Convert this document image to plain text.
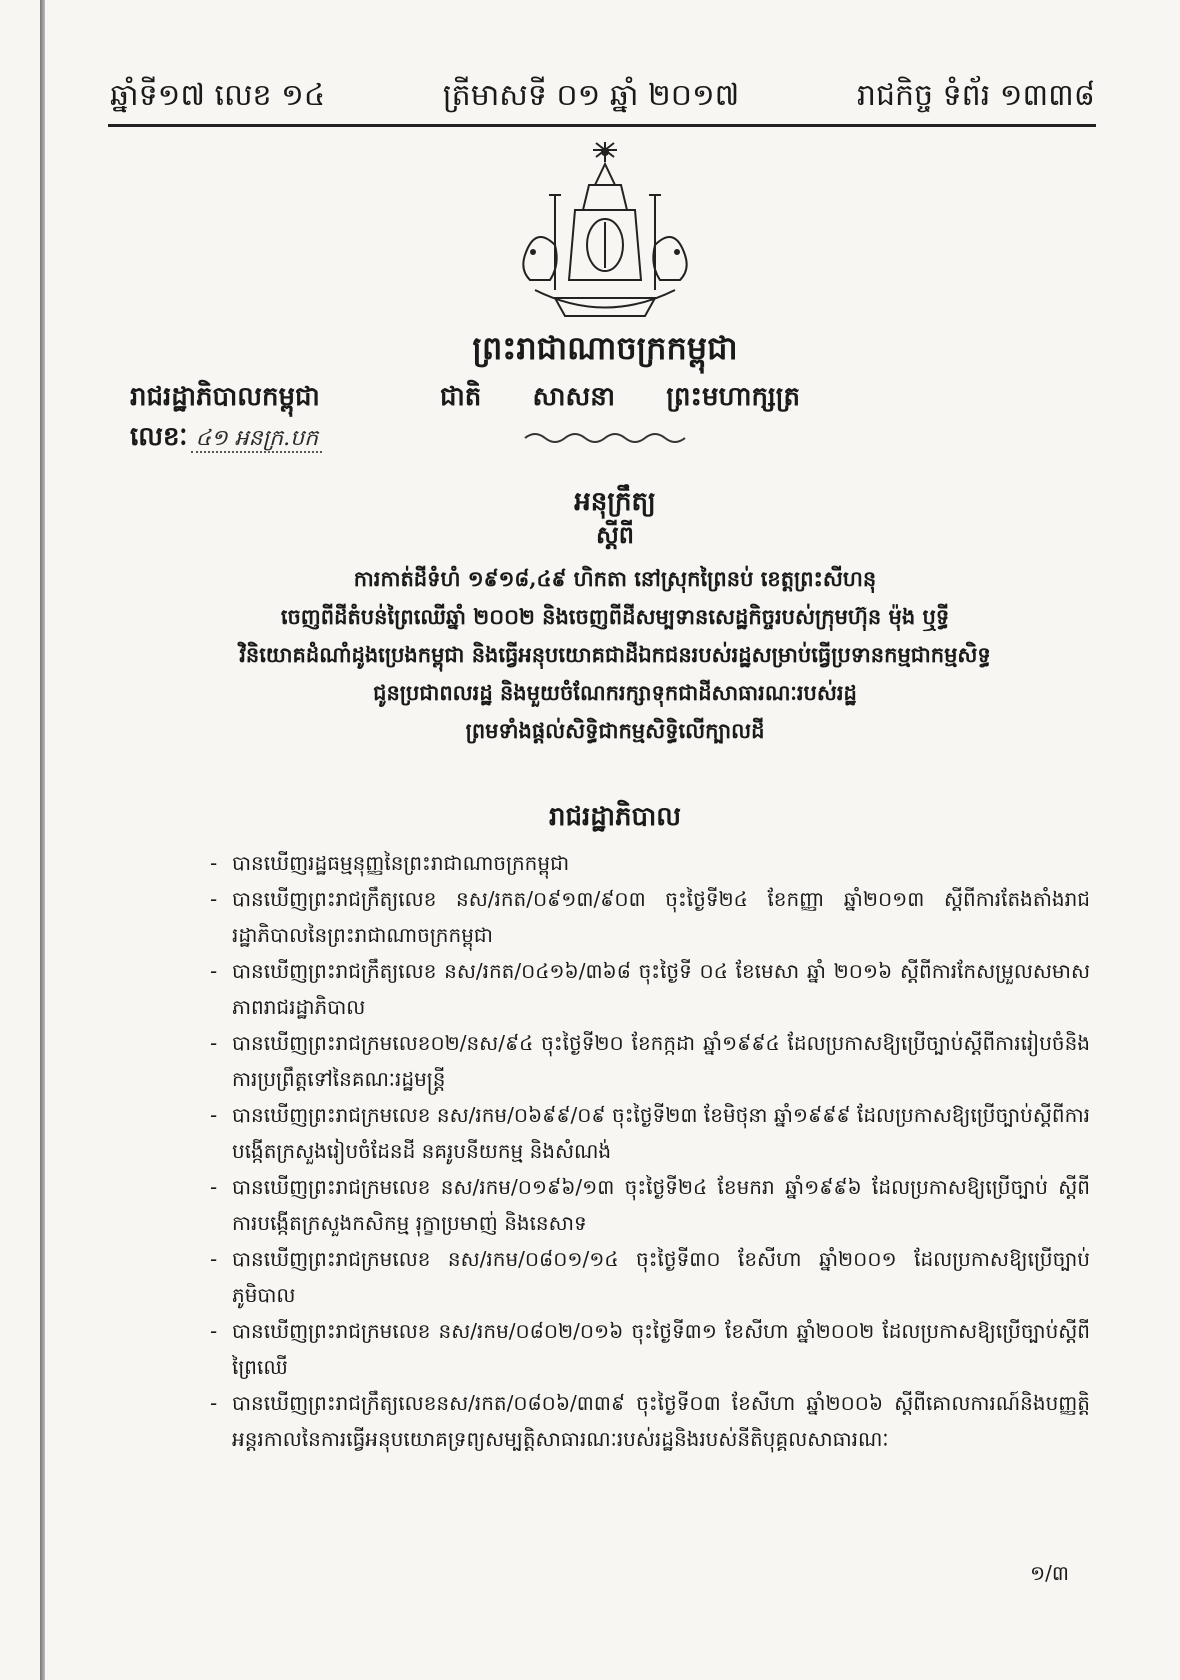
ឆ្នាំទី១៧ លេខ ១៤	ត្រីមាសទី ០១ ឆ្នាំ ២០១៧	រាជកិច្ច ទំព័រ ១៣៣៨
ព្រះរាជាណាចក្រកម្ពុជា
រាជរដ្ឋាភិបាលកម្ពុជា	ជាតិ សាសនា ព្រះមហាក្សត្រ
លេខៈ ៤១ អនក្រ.បក
អនុក្រឹត្យ
ស្តីពី
ការកាត់ដីទំហំ ១៩១៨,៤៩ ហិកតា នៅស្រុកព្រៃនប់ ខេត្តព្រះសីហនុ
ចេញពីដីតំបន់ព្រៃឈើឆ្នាំ ២០០២ និងចេញពីដីសម្បទានសេដ្ឋកិច្ចរបស់ក្រុមហ៊ុន ម៉ុង ឬទ្ធី
វិនិយោគដំណាំដូងប្រេងកម្ពុជា និងធ្វើអនុបយោគជាដីឯកជនរបស់រដ្ឋសម្រាប់ធ្វើប្រទានកម្មជាកម្មសិទ្ធ
ជូនប្រជាពលរដ្ឋ និងមួយចំណែករក្សាទុកជាដីសាធារណៈរបស់រដ្ឋ
ព្រមទាំងផ្តល់សិទ្ធិជាកម្មសិទ្ធិលើក្បាលដី
រាជរដ្ឋាភិបាល
- បានឃើញរដ្ឋធម្មនុញ្ញនៃព្រះរាជាណាចក្រកម្ពុជា
- បានឃើញព្រះរាជក្រឹត្យលេខ នស/រកត/០៩១៣/៩០៣ ចុះថ្ងៃទី២៤ ខែកញ្ញា ឆ្នាំ២០១៣ ស្តីពីការតែងតាំងរាជរដ្ឋាភិបាលនៃព្រះរាជាណាចក្រកម្ពុជា
- បានឃើញព្រះរាជក្រឹត្យលេខ នស/រកត/០៤១៦/៣៦៨ ចុះថ្ងៃទី ០៤ ខែមេសា ឆ្នាំ ២០១៦ ស្តីពីការកែសម្រួលសមាសភាពរាជរដ្ឋាភិបាល
- បានឃើញព្រះរាជក្រមលេខ០២/នស/៩៤ ចុះថ្ងៃទី២០ ខែកក្កដា ឆ្នាំ១៩៩៤ ដែលប្រកាសឱ្យប្រើច្បាប់ស្តីពីការរៀបចំនិងការប្រព្រឹត្តទៅនៃគណៈរដ្ឋមន្ត្រី
- បានឃើញព្រះរាជក្រមលេខ នស/រកម/០៦៩៩/០៩ ចុះថ្ងៃទី២៣ ខែមិថុនា ឆ្នាំ១៩៩៩ ដែលប្រកាសឱ្យប្រើច្បាប់ស្តីពីការបង្កើតក្រសួងរៀបចំដែនដី នគរូបនីយកម្ម និងសំណង់
- បានឃើញព្រះរាជក្រមលេខ នស/រកម/០១៩៦/១៣ ចុះថ្ងៃទី២៤ ខែមករា ឆ្នាំ១៩៩៦ ដែលប្រកាសឱ្យប្រើច្បាប់ ស្តីពីការបង្កើតក្រសួងកសិកម្ម រុក្ខាប្រមាញ់ និងនេសាទ
- បានឃើញព្រះរាជក្រមលេខ នស/រកម/០៨០១/១៤ ចុះថ្ងៃទី៣០ ខែសីហា ឆ្នាំ២០០១ ដែលប្រកាសឱ្យប្រើច្បាប់ភូមិបាល
- បានឃើញព្រះរាជក្រមលេខ នស/រកម/០៨០២/០១៦ ចុះថ្ងៃទី៣១ ខែសីហា ឆ្នាំ២០០២ ដែលប្រកាសឱ្យប្រើច្បាប់ស្តីពីព្រៃឈើ
- បានឃើញព្រះរាជក្រឹត្យលេខនស/រកត/០៨០៦/៣៣៩ ចុះថ្ងៃទី០៣ ខែសីហា ឆ្នាំ២០០៦ ស្តីពីគោលការណ៍និងបញ្ញត្តិអន្តរកាលនៃការធ្វើអនុបយោគទ្រព្យសម្បត្តិសាធារណៈរបស់រដ្ឋនិងរបស់នីតិបុគ្គលសាធារណៈ
១/៣
